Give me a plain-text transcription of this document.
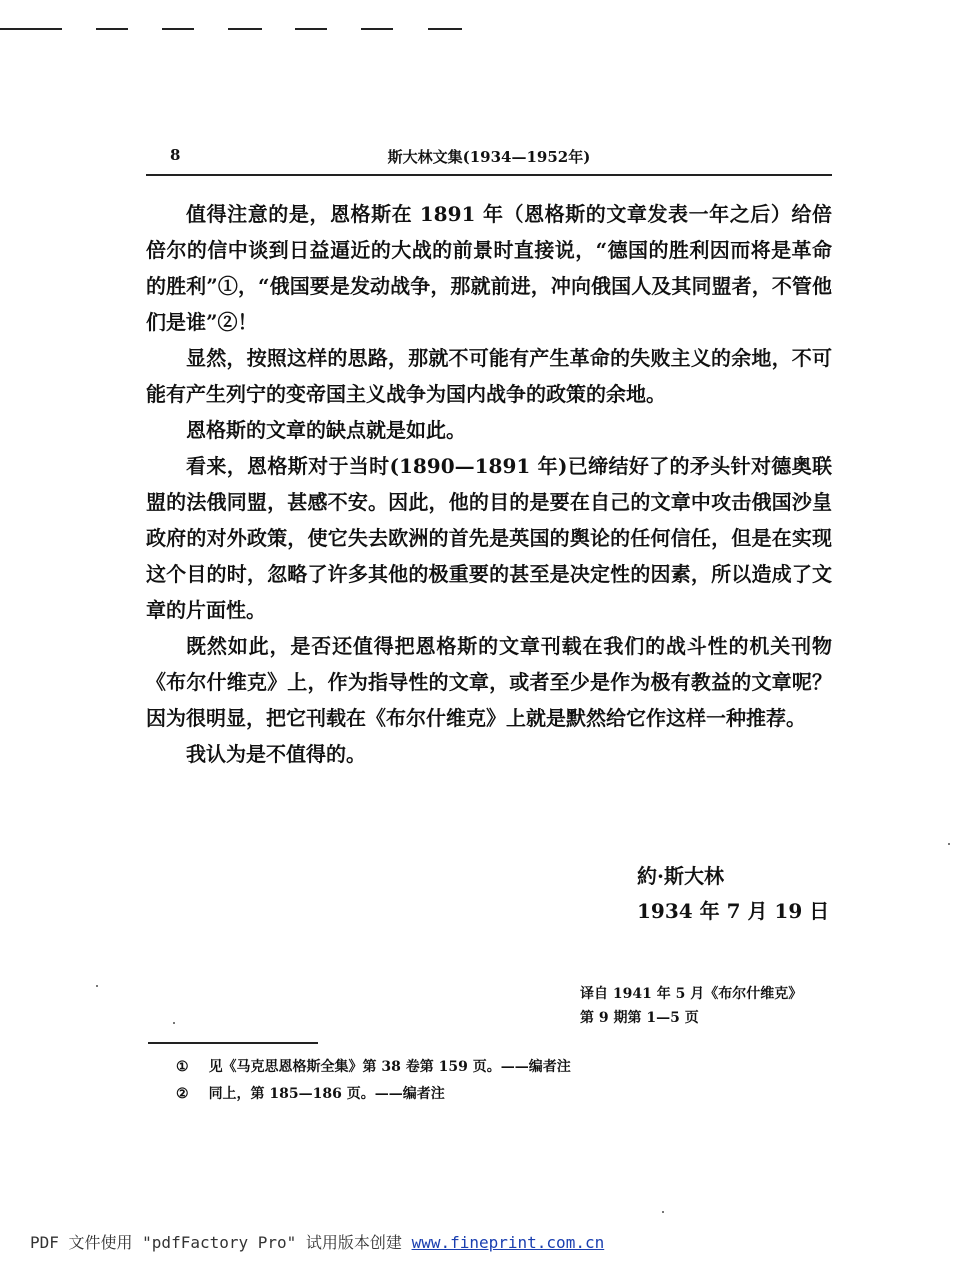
8	斯大林文集(1934—1952年)

值得注意的是，恩格斯在 1891 年（恩格斯的文章发表一年之后）给倍倍尔的信中谈到日益逼近的大战的前景时直接说，“德国的胜利因而将是革命的胜利”①，“俄国要是发动战争，那就前进，冲向俄国人及其同盟者，不管他们是谁”②！

显然，按照这样的思路，那就不可能有产生革命的失败主义的余地，不可能有产生列宁的变帝国主义战争为国内战争的政策的余地。

恩格斯的文章的缺点就是如此。

看来，恩格斯对于当时(1890—1891 年)已缔结好了的矛头针对德奥联盟的法俄同盟，甚感不安。因此，他的目的是要在自己的文章中攻击俄国沙皇政府的对外政策，使它失去欧洲的首先是英国的舆论的任何信任，但是在实现这个目的时，忽略了许多其他的极重要的甚至是决定性的因素，所以造成了文章的片面性。

既然如此，是否还值得把恩格斯的文章刊载在我们的战斗性的机关刊物《布尔什维克》上，作为指导性的文章，或者至少是作为极有教益的文章呢？因为很明显，把它刊载在《布尔什维克》上就是默然给它作这样一种推荐。

我认为是不值得的。

約·斯大林
1934 年 7 月 19 日
译自 1941 年 5 月《布尔什维克》
第 9 期第 1—5 页
① 见《马克思恩格斯全集》第 38 卷第 159 页。——编者注
② 同上，第 185—186 页。——编者注
PDF 文件使用 "pdfFactory Pro" 试用版本创建 www.fineprint.com.cn
